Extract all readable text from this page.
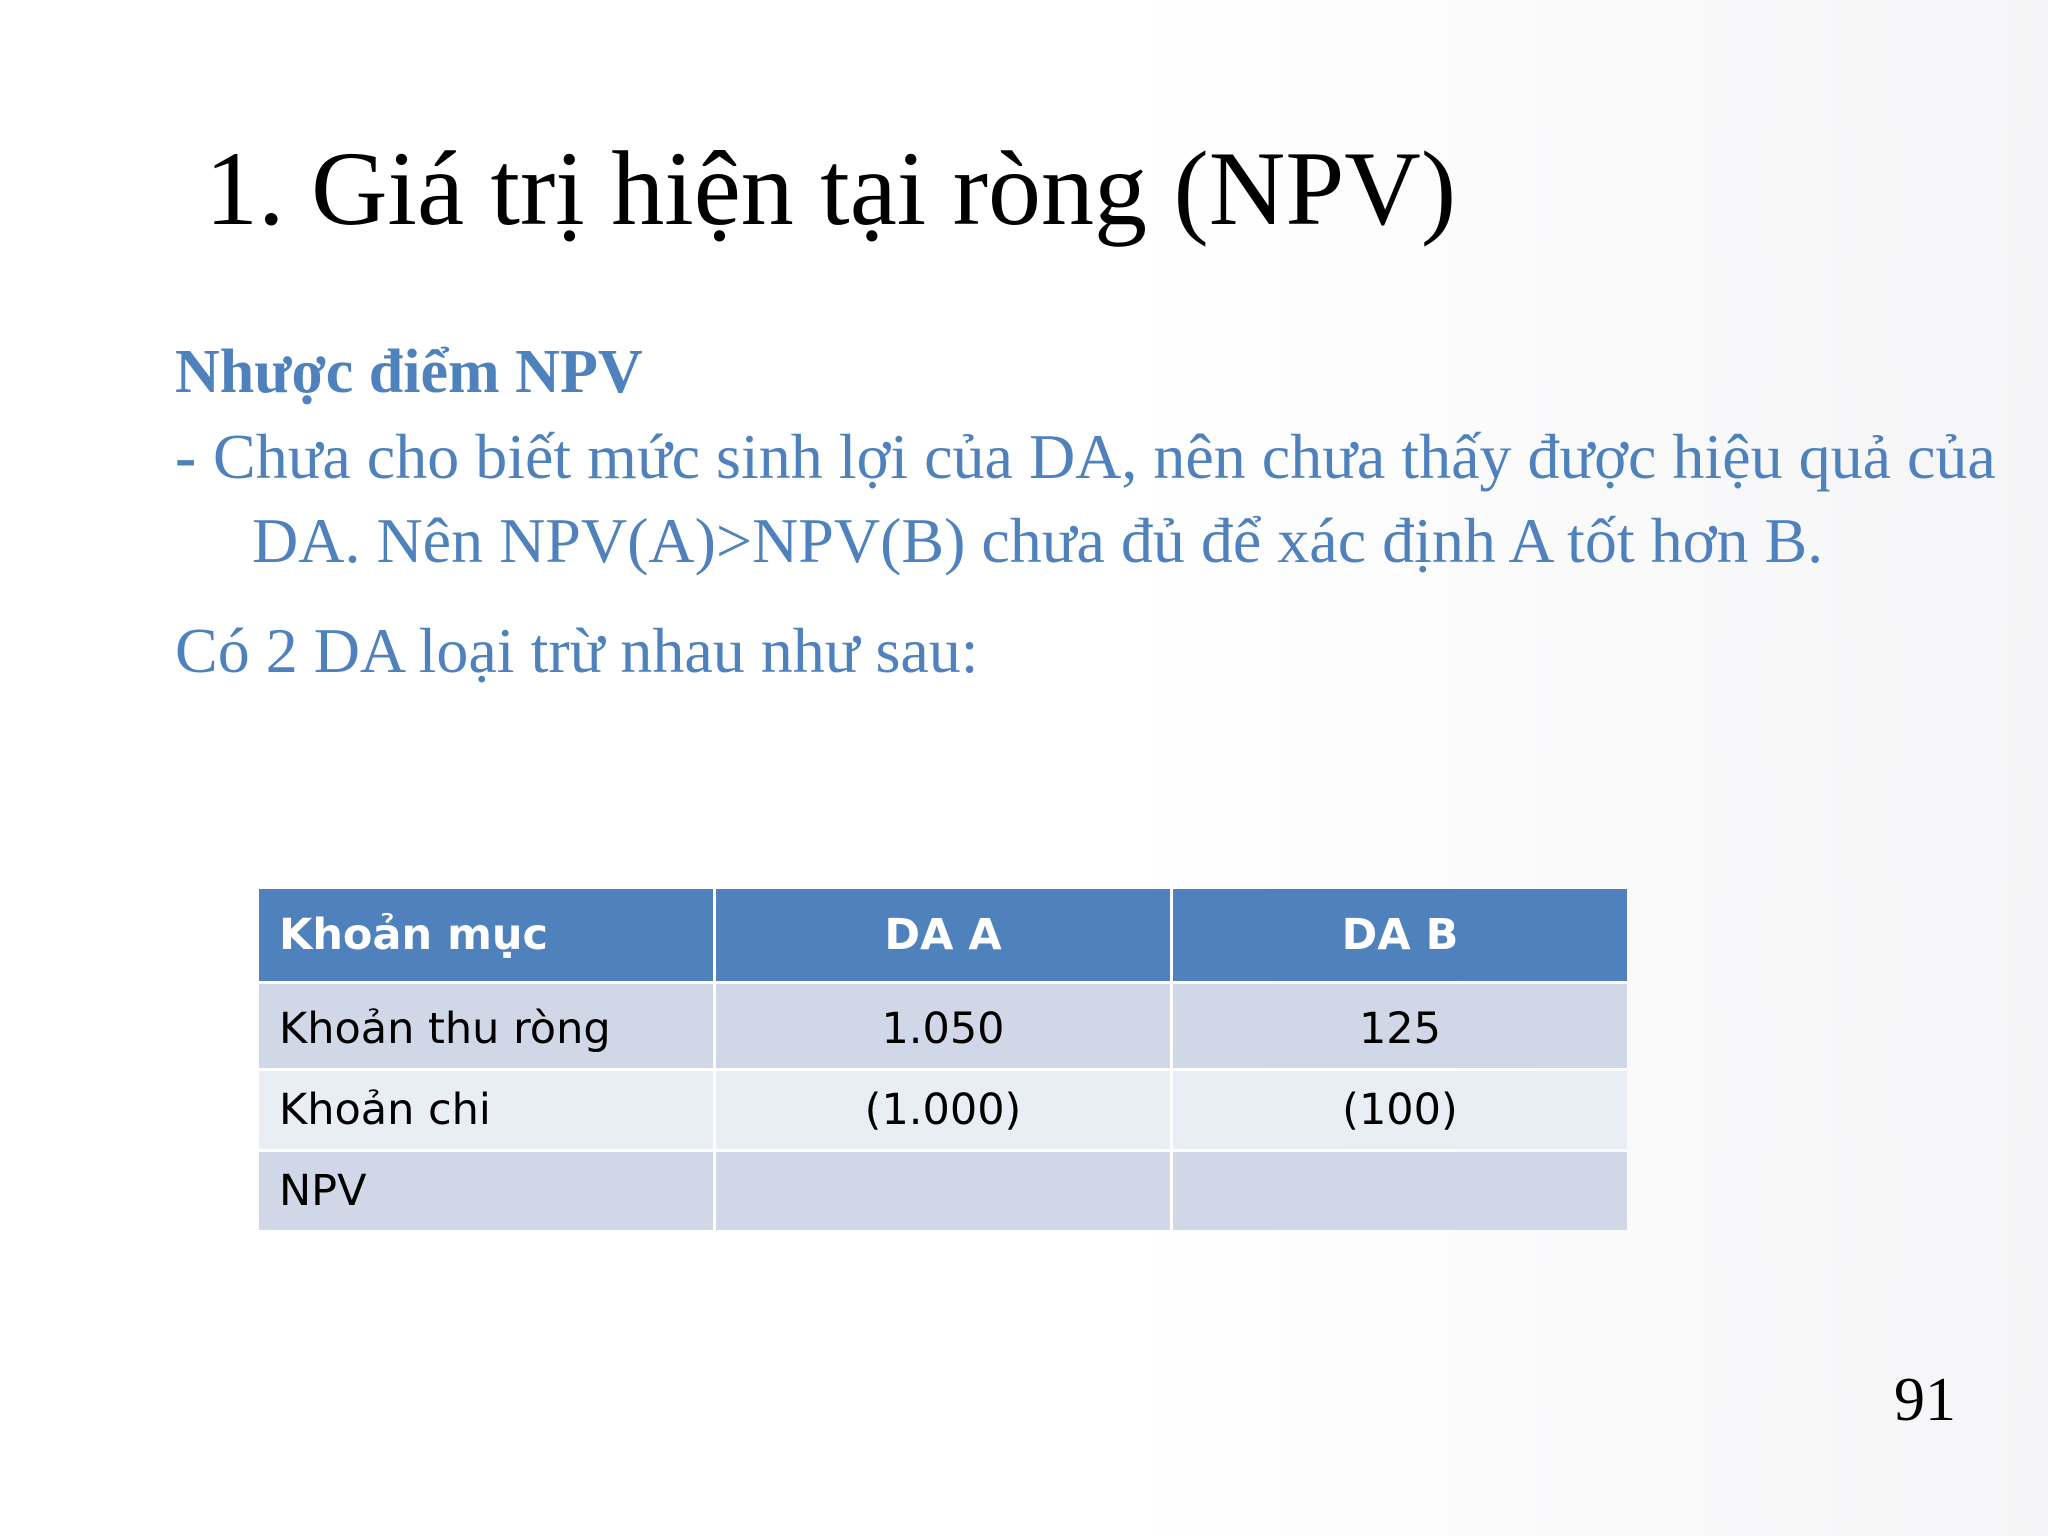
1. Giá trị hiện tại ròng (NPV)
Nhược điểm NPV

- Chưa cho biết mức sinh lợi của DA, nên chưa thấy được hiệu quả của DA. Nên NPV(A)>NPV(B) chưa đủ để xác định A tốt hơn B.

Có 2 DA loại trừ nhau như sau:

Khoản mục	DA A	DA B
Khoản thu ròng	1.050	125
Khoản chi	(1.000)	(100)
NPV		
91
